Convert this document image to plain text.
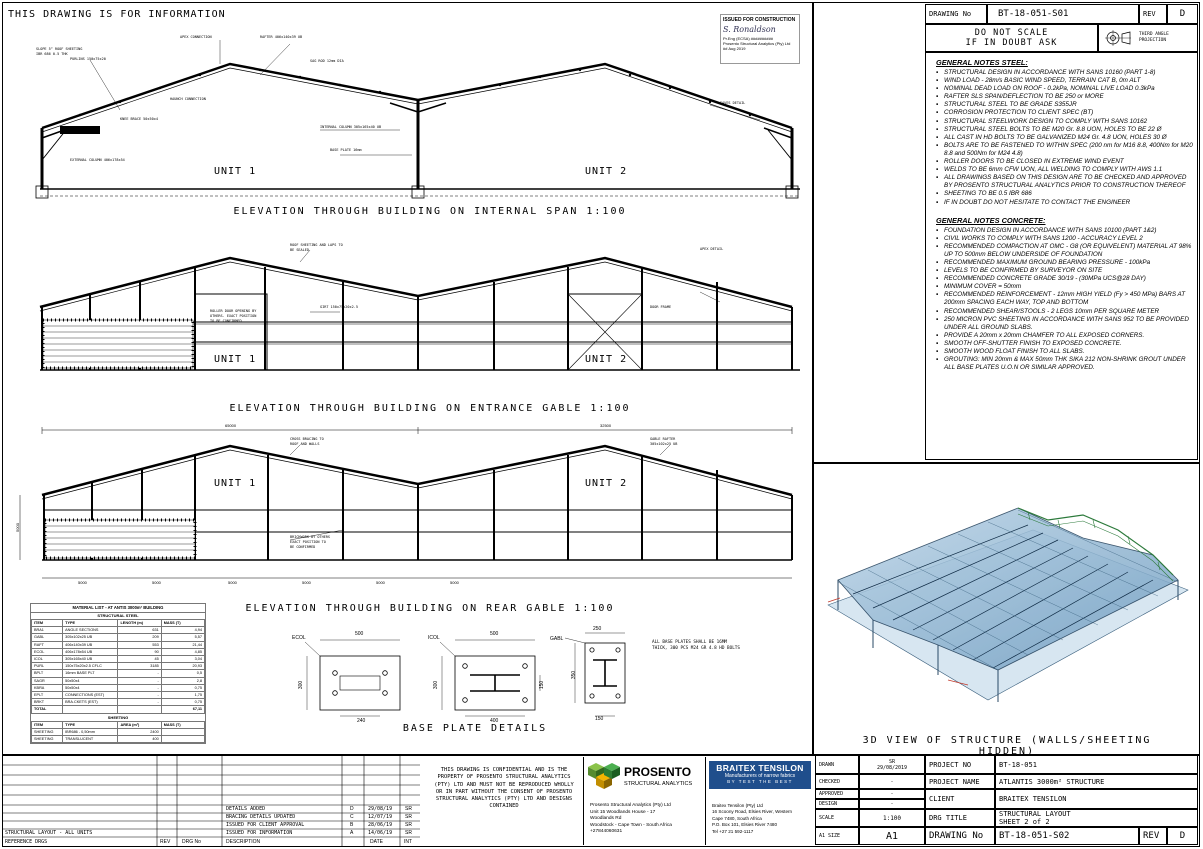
THIS DRAWING IS FOR INFORMATION	ISSUED FOR CONSTRUCTION
S. Ronaldson
Pr.Eng (ECSA) ##########
Prosento Structural Analytics (Pty) Ltd
## Aug 2019
SLOPE 5° ROOF SHEETING
IBR 686 0.5 THK
PURLINS 150x75x20
APEX CONNECTION	RAFTER 406x140x39 UB
SAG ROD 12mm DIA
HAUNCH CONNECTION
KNEE BRACE 50x50x4
INTERNAL COLUMN 305x165x40 UB
BASE PLATE 16mm
EAVES DETAIL
EXTERNAL COLUMN 406x178x54
UNIT 1	UNIT 2
ELEVATION THROUGH BUILDING ON INTERNAL SPAN 1:100
ROOF SHEETING AND LAPS TO
BE SEALED
ROLLER DOOR OPENING BY
OTHERS. EXACT POSITION
TO BE CONFIRMED
GIRT 150x75x20x2.5	DOOR FRAME
APEX DETAIL
UNIT 1	UNIT 2
ELEVATION THROUGH BUILDING ON ENTRANCE GABLE 1:100
CROSS BRACING TO
ROOF AND WALLS
GABLE RAFTER
305x102x25 UB
BRICKWORK BY OTHERS
EXACT POSITION TO
BE CONFIRMED
65000	32500
5000
5000	5000	5000	5000	5000	5000
UNIT 1	UNIT 2
ELEVATION THROUGH BUILDING ON REAR GABLE 1:100
MATERIAL LIST - AT ANTIS 3000m² BUILDING
STRUCTURAL STEEL
ITEM	TYPE	LENGTH (m)	MASS (T)
BRA1	ANGLE SECTIONS	631	4,94
GABL	305x102x25 UB	209	5,57
RAFT	406x140x39 UB	553	21,44
ECOL	406x178x54 UB	90	4,85
ICOL	305x165x40 UB	45	3,04
PURL	150x75x20x2.5 CFLC	3185	20,93
BPLT	16mm BASE PLT	-	0,5
SAGR	50x50x4	-	2,8
KBRA	50x50x4	-	0,75
EPLT	CONNECTIONS (EST)	-	1,75
BRKT	BRA.CKETS (EST)	-	0,75
TOTAL			67,11
SHEETING
ITEM	TYPE	AREA (m²)	MASS (T)
SHEETING	IBR686 - 0,50mm	2400	
SHEETING	TRANSLUCENT	400	
ECOL
500
300
240
ICOL
500
300
400
150
GABL
250
350
150
ALL BASE PLATES SHALL BE 16MM THICK, 300 PCS M24 GR 4.8 HD BOLTS
BASE PLATE DETAILS
DRAWING No	BT-18-051-S01	REV	D
DO NOT SCALE
IF IN DOUBT ASK
THIRD ANGLE PROJECTION
GENERAL NOTES STEEL:
▪ STRUCTURAL DESIGN IN ACCORDANCE WITH SANS 10160 (PART 1-8)
▪ WIND LOAD - 28m/s BASIC WIND SPEED, TERRAIN CAT B, 0m ALT
▪ NOMINAL DEAD LOAD ON ROOF - 0.2kPa, NOMINAL LIVE LOAD 0.3kPa
▪ RAFTER SLS SPAN/DEFLECTION TO BE 250 or MORE
▪ STRUCTURAL STEEL TO BE GRADE S355JR
▪ CORROSION PROTECTION TO CLIENT SPEC (BT)
▪ STRUCTURAL STEELWORK DESIGN TO COMPLY WITH SANS 10162
▪ STRUCTURAL STEEL BOLTS TO BE M20 Gr. 8.8 UON, HOLES TO BE 22 Ø
▪ ALL CAST IN HD BOLTS TO BE GALVANIZED M24 Gr. 4.8 UON, HOLES 30 Ø
▪ BOLTS ARE TO BE FASTENED TO WITHIN SPEC (200 nm for M16 8.8, 400Nm for M20 8.8 and 500Nm for M24 4.8)
▪ ROLLER DOORS TO BE CLOSED IN EXTREME WIND EVENT
▪ WELDS TO BE 6mm CFW UON, ALL WELDING TO COMPLY WITH AWS 1.1
▪ ALL DRAWINGS BASED ON THIS DESIGN ARE TO BE CHECKED AND APPROVED BY PROSENTO STRUCTURAL ANALYTICS PRIOR TO CONSTRUCTION THEREOF
▪ SHEETING TO BE 0.5 IBR 686
▪ IF IN DOUBT DO NOT HESITATE TO CONTACT THE ENGINEER
GENERAL NOTES CONCRETE:
▪ FOUNDATION DESIGN IN ACCORDANCE WITH SANS 10100 (PART 1&2)
▪ CIVIL WORKS TO COMPLY WITH SANS 1200 - ACCURACY LEVEL 2
▪ RECOMMENDED COMPACTION AT OMC - G8 (OR EQUIVELENT) MATERIAL AT 98% UP TO 500mm BELOW UNDERSIDE OF FOUNDATION
▪ RECOMMENDED MAXIMUM GROUND BEARING PRESSURE - 100kPa
▪ LEVELS TO BE CONFIRMED BY SURVEYOR ON SITE
▪ RECOMMENDED CONCRETE GRADE 30/19 - (30MPa UCS@28 DAY)
▪ MINIMUM COVER = 50mm
▪ RECOMMENDED REINFORCEMENT - 12mm HIGH YIELD (Fy > 450 MPa) BARS AT 200mm SPACING EACH WAY, TOP AND BOTTOM
▪ RECOMMENDED SHEAR/STOOLS - 2 LEGS 10mm PER SQUARE METER
▪ 250 MICRON PVC SHEETING IN ACCORDANCE WITH SANS 952 TO BE PROVIDED UNDER ALL GROUND SLABS.
▪ PROVIDE A 20mm x 20mm CHAMFER TO ALL EXPOSED CORNERS.
▪ SMOOTH OFF-SHUTTER FINISH TO EXPOSED CONCRETE.
▪ SMOOTH WOOD FLOAT FINISH TO ALL SLABS.
▪ GROUTING: MIN 20mm & MAX 50mm THK SIKA 212 NON-SHRINK GROUT UNDER ALL BASE PLATES U.O.N OR SIMILAR APPROVED.
3D VIEW OF STRUCTURE (WALLS/SHEETING HIDDEN)
DETAILS ADDED	D	29/08/19	SR
BRACING DETAILS UPDATED	C	12/07/19	SR
ISSUED FOR CLIENT APPROVAL	B	28/06/19	SR
ISSUED FOR INFORMATION	A	14/06/19	SR
STRUCTURAL LAYOUT - ALL UNITS
REFERENCE DRGS	REV DRG No	DESCRIPTION	DATE	INT
THIS DRAWING IS CONFIDENTIAL AND IS THE PROPERTY OF PROSENTO STRUCTURAL ANALYTICS (PTY) LTD AND MUST NOT BE REPRODUCED WHOLLY OR IN PART WITHOUT THE CONSENT OF PROSENTO STRUCTURAL ANALYTICS (PTY) LTD AND DESIGNS CONTAINED
PROSENTO
STRUCTURAL ANALYTICS
Prosento Structural Analytics (Pty) Ltd
Unit 15 Woodlands House - 17
Woodlands Rd
Woodstock - Cape Town - South Africa
+27844060631
BRAITEX TENSILON
Manufacturers of narrow fabrics
BY TEST THE BEST
Braitex Tensilon (Pty) Ltd
16 Scoony Road, Elsies River, Western
Cape 7480, South Africa
P.O. Box 101, Elsies River 7480
Tel +27 21 592-1117
DRAWN	SR
29/08/2019
CHECKED	-
APPROVED	-
DESIGN	-
SCALE	1:100
A1 SIZE	A1
PROJECT NO	BT-18-051
PROJECT NAME	ATLANTIS 3000m² STRUCTURE
CLIENT	BRAITEX TENSILON
DRG TITLE	STRUCTURAL LAYOUT
SHEET 2 of 2
DRAWING No BT-18-051-S02	REV D
